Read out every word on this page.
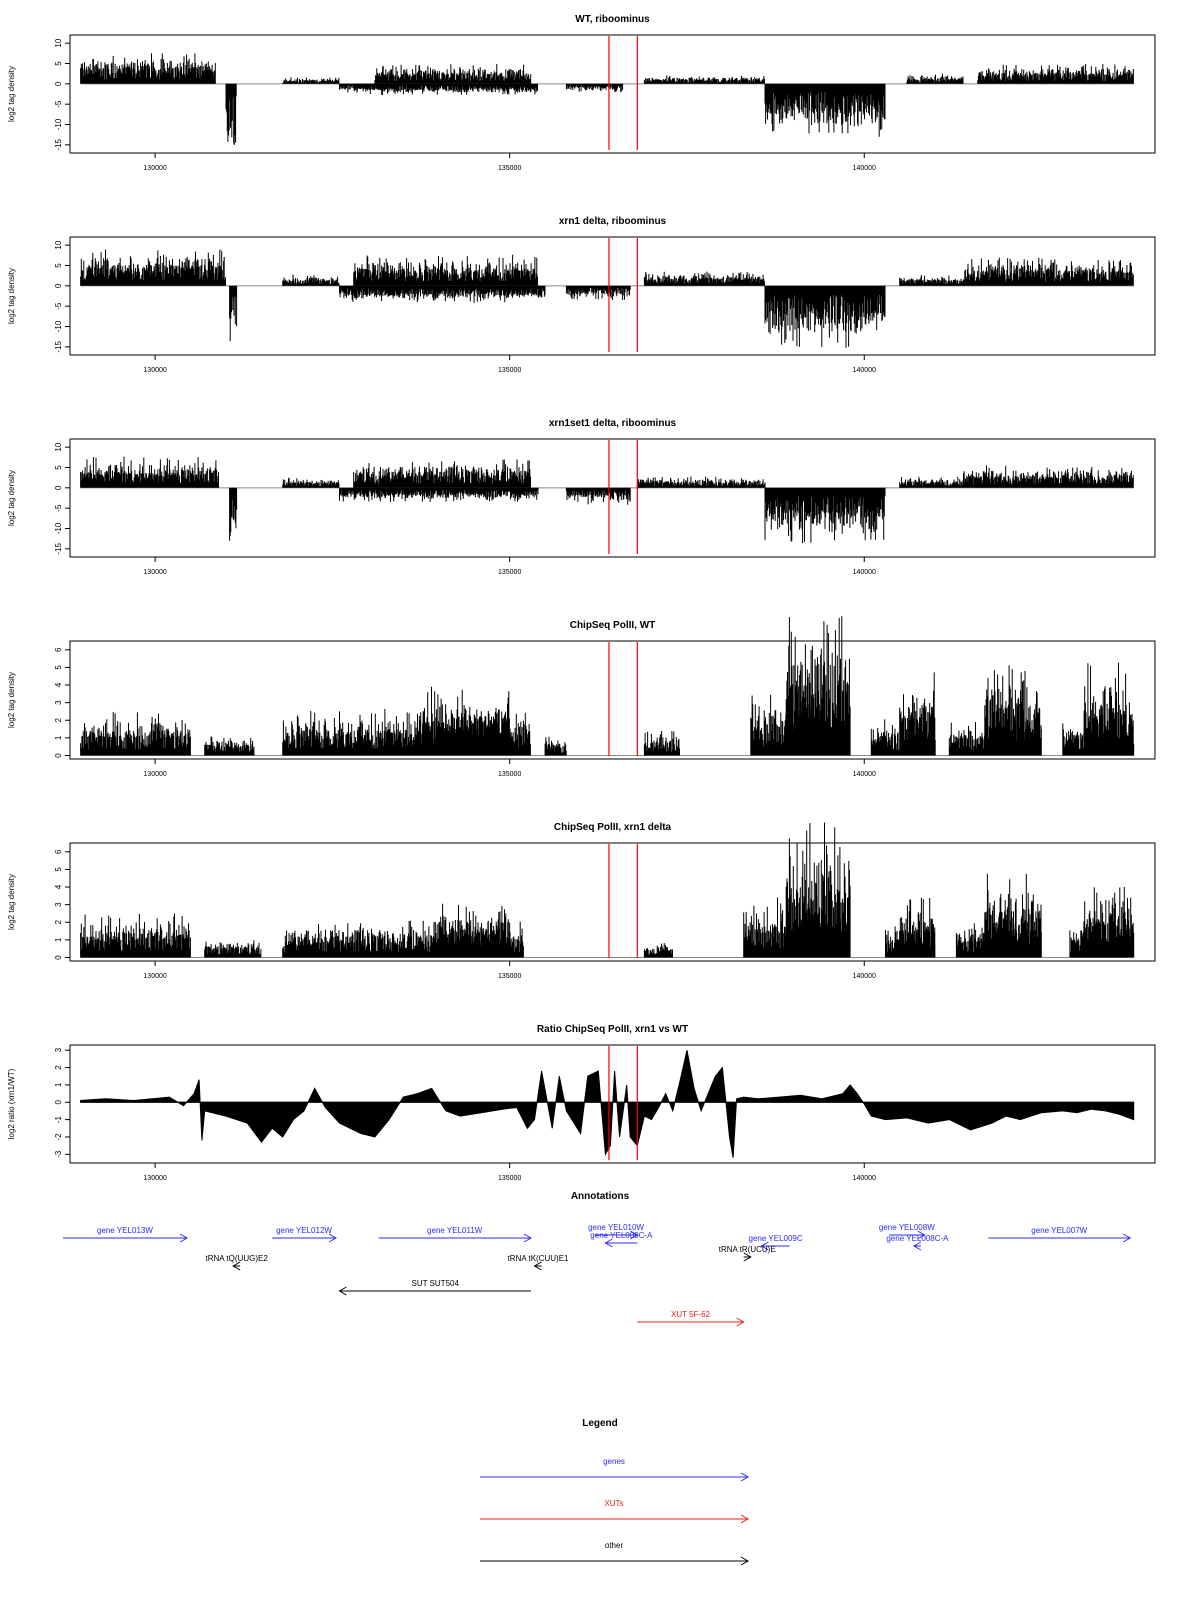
WT, riboominus
log2 tag density
-15
-10
-5
0
5
10
130000	135000	140000
xrn1 delta, riboominus
log2 tag density
-15
-10
-5
0
5
10
130000	135000	140000
xrn1set1 delta, riboominus
log2 tag density
-15
-10
-5
0
5
10
130000	135000	140000
ChipSeq PolII, WT
log2 tag density
0
1
2
3
4
5
6
130000	135000	140000
ChipSeq PolII, xrn1 delta
log2 tag density
0
1
2
3
4
5
6
130000	135000	140000
Ratio ChipSeq PolII, xrn1 vs WT
log2 ratio (xrn1/WT)
-3
-2
-1
0
1
2
3
130000	135000	140000
Annotations
gene YEL013W	gene YEL012W	gene YEL011W	gene YEL010W
gene YEL009C-A	gene YEL009C
gene YEL008W
gene YEL008C-A
gene YEL007W
tRNA tQ(UUG)E2	tRNA tK(CUU)E1
tRNA tR(UCU)E
SUT SUT504
XUT 5F-62
Legend
genes
XUTs
other
